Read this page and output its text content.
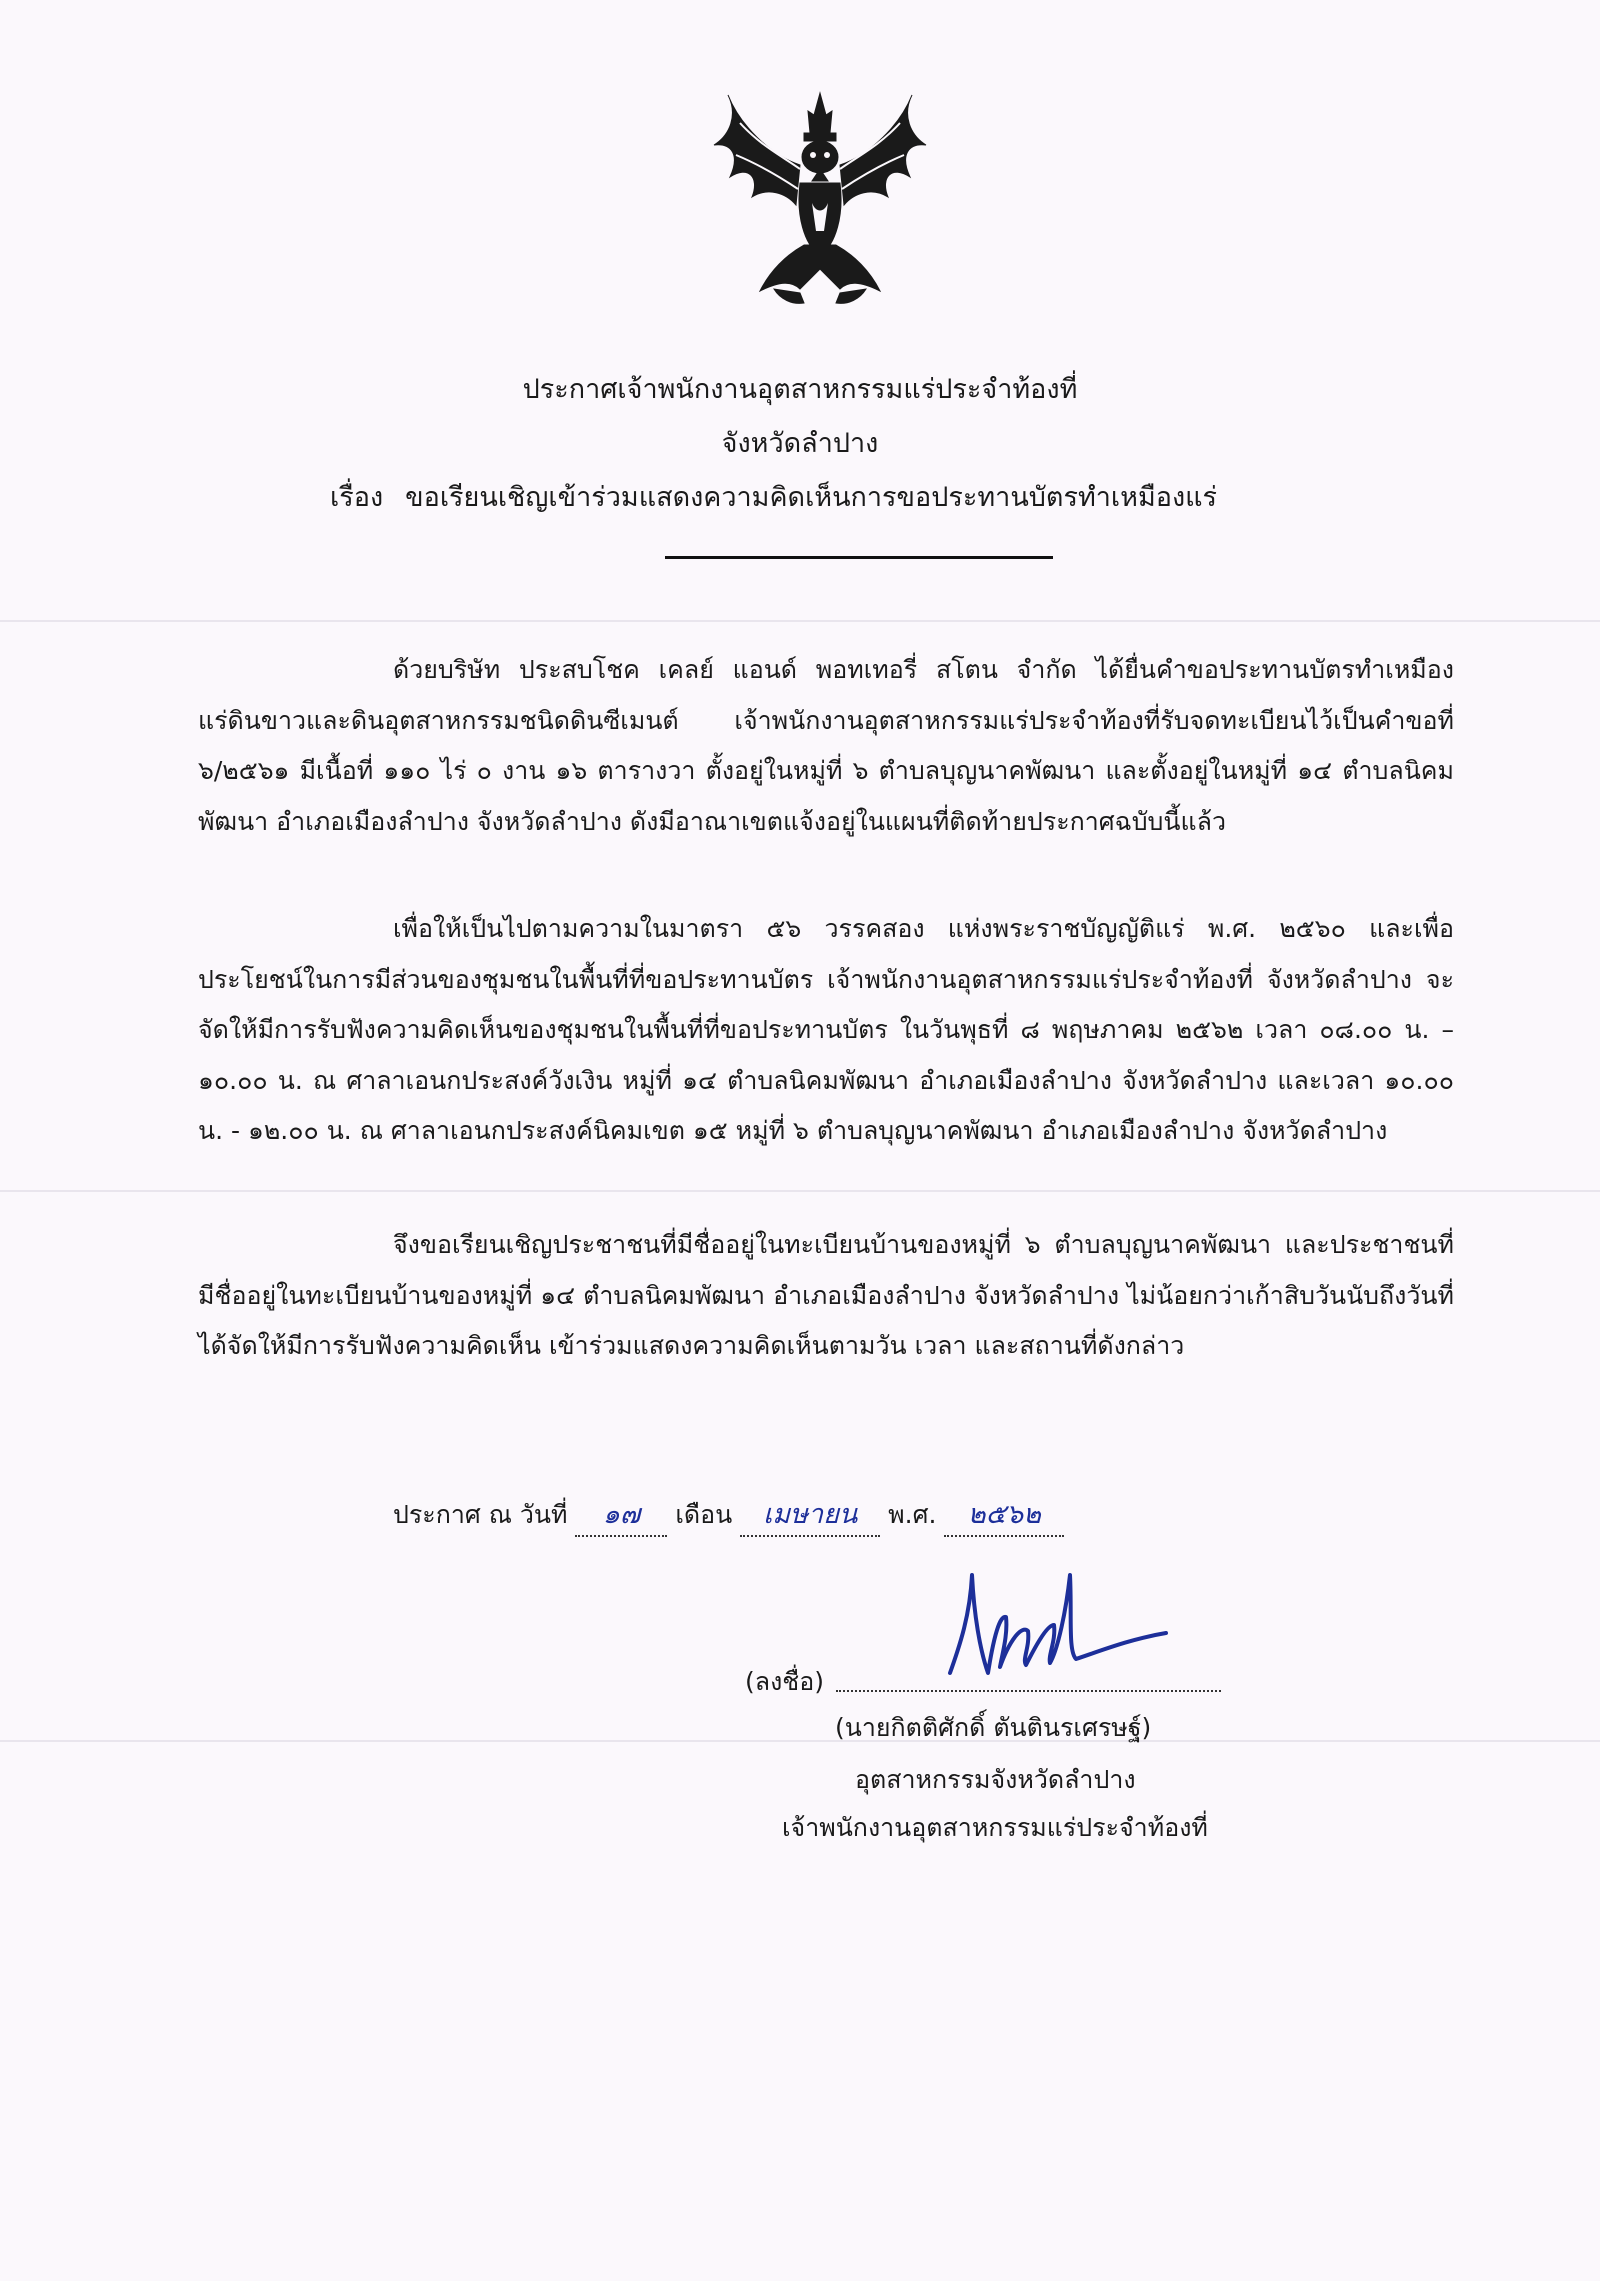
ประกาศเจ้าพนักงานอุตสาหกรรมแร่ประจำท้องที่
จังหวัดลำปาง
เรื่อง ขอเรียนเชิญเข้าร่วมแสดงความคิดเห็นการขอประทานบัตรทำเหมืองแร่

ด้วยบริษัท ประสบโชค เคลย์ แอนด์ พอทเทอรี่ สโตน จำกัด ได้ยื่นคำขอประทานบัตรทำเหมืองแร่ดินขาวและดินอุตสาหกรรมชนิดดินซีเมนต์ เจ้าพนักงานอุตสาหกรรมแร่ประจำท้องที่รับจดทะเบียนไว้เป็นคำขอที่ ๖/๒๕๖๑ มีเนื้อที่ ๑๑๐ ไร่ ๐ งาน ๑๖ ตารางวา ตั้งอยู่ในหมู่ที่ ๖ ตำบลบุญนาคพัฒนา และตั้งอยู่ในหมู่ที่ ๑๔ ตำบลนิคมพัฒนา อำเภอเมืองลำปาง จังหวัดลำปาง ดังมีอาณาเขตแจ้งอยู่ในแผนที่ติดท้ายประกาศฉบับนี้แล้ว

เพื่อให้เป็นไปตามความในมาตรา ๕๖ วรรคสอง แห่งพระราชบัญญัติแร่ พ.ศ. ๒๕๖๐ และเพื่อประโยชน์ในการมีส่วนของชุมชนในพื้นที่ที่ขอประทานบัตร เจ้าพนักงานอุตสาหกรรมแร่ประจำท้องที่ จังหวัดลำปาง จะจัดให้มีการรับฟังความคิดเห็นของชุมชนในพื้นที่ที่ขอประทานบัตร ในวันพุธที่ ๘ พฤษภาคม ๒๕๖๒ เวลา ๐๘.๐๐ น. – ๑๐.๐๐ น. ณ ศาลาเอนกประสงค์วังเงิน หมู่ที่ ๑๔ ตำบลนิคมพัฒนา อำเภอเมืองลำปาง จังหวัดลำปาง และเวลา ๑๐.๐๐ น. - ๑๒.๐๐ น. ณ ศาลาเอนกประสงค์นิคมเขต ๑๕ หมู่ที่ ๖ ตำบลบุญนาคพัฒนา อำเภอเมืองลำปาง จังหวัดลำปาง

จึงขอเรียนเชิญประชาชนที่มีชื่ออยู่ในทะเบียนบ้านของหมู่ที่ ๖ ตำบลบุญนาคพัฒนา และประชาชนที่มีชื่ออยู่ในทะเบียนบ้านของหมู่ที่ ๑๔ ตำบลนิคมพัฒนา อำเภอเมืองลำปาง จังหวัดลำปาง ไม่น้อยกว่าเก้าสิบวันนับถึงวันที่ได้จัดให้มีการรับฟังความคิดเห็น เข้าร่วมแสดงความคิดเห็นตามวัน เวลา และสถานที่ดังกล่าว

ประกาศ ณ วันที่ ๑๗ เดือน เมษายน พ.ศ. ๒๕๖๒
(ลงชื่อ)
(นายกิตติศักดิ์ ตันตินรเศรษฐ์)
อุตสาหกรรมจังหวัดลำปาง
เจ้าพนักงานอุตสาหกรรมแร่ประจำท้องที่
